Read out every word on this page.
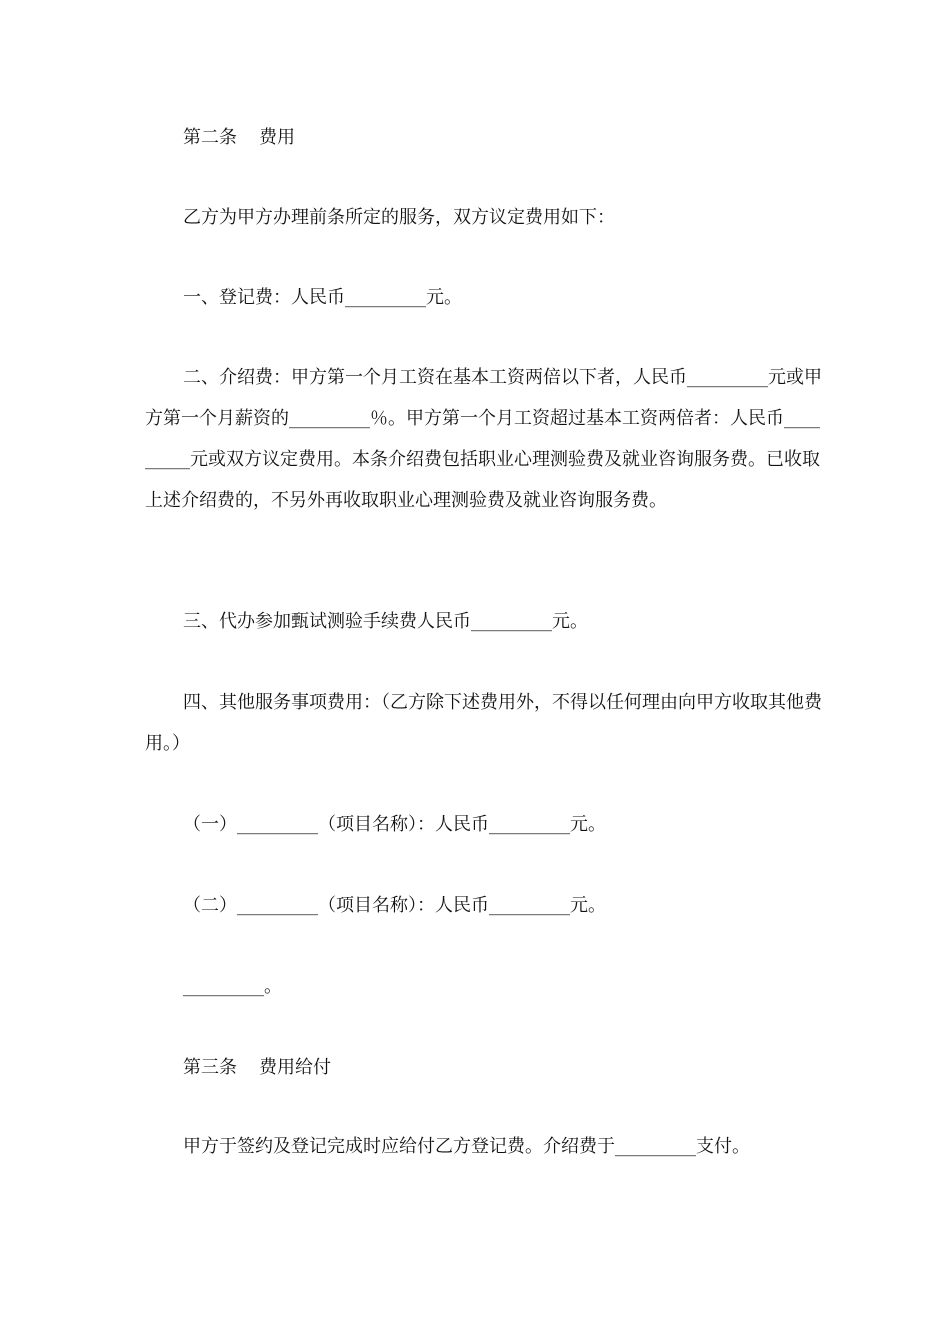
第二条 费用

乙方为甲方办理前条所定的服务，双方议定费用如下：

一、登记费：人民币_________元。

二、介绍费：甲方第一个月工资在基本工资两倍以下者，人民币_________元或甲方第一个月薪资的_________％。甲方第一个月工资超过基本工资两倍者：人民币_________元或双方议定费用。本条介绍费包括职业心理测验费及就业咨询服务费。已收取上述介绍费的，不另外再收取职业心理测验费及就业咨询服务费。

三、代办参加甄试测验手续费人民币_________元。

四、其他服务事项费用：（乙方除下述费用外，不得以任何理由向甲方收取其他费用。）

（一）_________（项目名称）：人民币_________元。

（二）_________（项目名称）：人民币_________元。

_________。

第三条 费用给付

甲方于签约及登记完成时应给付乙方登记费。介绍费于_________支付。
